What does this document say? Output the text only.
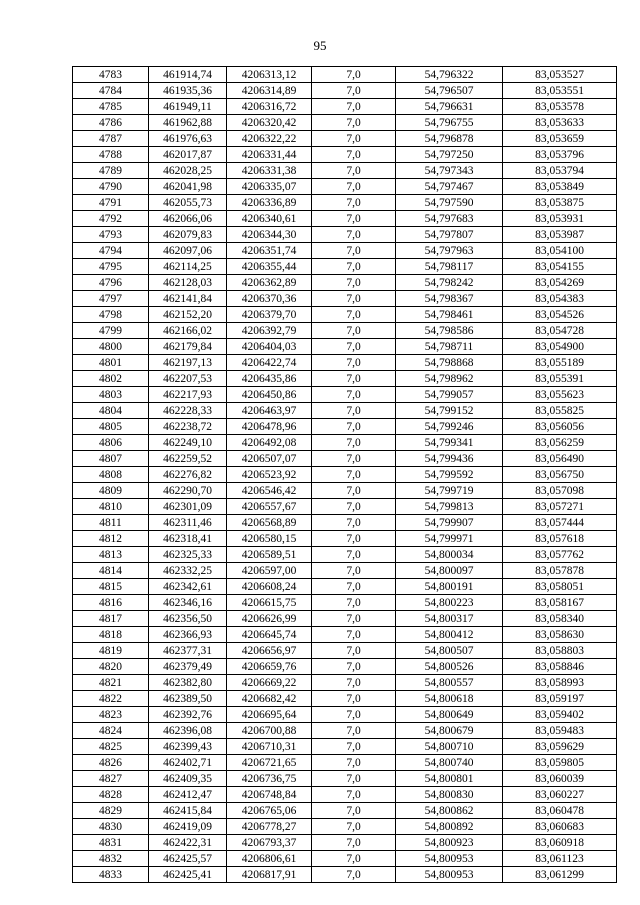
95
4783	461914,74	4206313,12	7,0	54,796322	83,053527
4784	461935,36	4206314,89	7,0	54,796507	83,053551
4785	461949,11	4206316,72	7,0	54,796631	83,053578
4786	461962,88	4206320,42	7,0	54,796755	83,053633
4787	461976,63	4206322,22	7,0	54,796878	83,053659
4788	462017,87	4206331,44	7,0	54,797250	83,053796
4789	462028,25	4206331,38	7,0	54,797343	83,053794
4790	462041,98	4206335,07	7,0	54,797467	83,053849
4791	462055,73	4206336,89	7,0	54,797590	83,053875
4792	462066,06	4206340,61	7,0	54,797683	83,053931
4793	462079,83	4206344,30	7,0	54,797807	83,053987
4794	462097,06	4206351,74	7,0	54,797963	83,054100
4795	462114,25	4206355,44	7,0	54,798117	83,054155
4796	462128,03	4206362,89	7,0	54,798242	83,054269
4797	462141,84	4206370,36	7,0	54,798367	83,054383
4798	462152,20	4206379,70	7,0	54,798461	83,054526
4799	462166,02	4206392,79	7,0	54,798586	83,054728
4800	462179,84	4206404,03	7,0	54,798711	83,054900
4801	462197,13	4206422,74	7,0	54,798868	83,055189
4802	462207,53	4206435,86	7,0	54,798962	83,055391
4803	462217,93	4206450,86	7,0	54,799057	83,055623
4804	462228,33	4206463,97	7,0	54,799152	83,055825
4805	462238,72	4206478,96	7,0	54,799246	83,056056
4806	462249,10	4206492,08	7,0	54,799341	83,056259
4807	462259,52	4206507,07	7,0	54,799436	83,056490
4808	462276,82	4206523,92	7,0	54,799592	83,056750
4809	462290,70	4206546,42	7,0	54,799719	83,057098
4810	462301,09	4206557,67	7,0	54,799813	83,057271
4811	462311,46	4206568,89	7,0	54,799907	83,057444
4812	462318,41	4206580,15	7,0	54,799971	83,057618
4813	462325,33	4206589,51	7,0	54,800034	83,057762
4814	462332,25	4206597,00	7,0	54,800097	83,057878
4815	462342,61	4206608,24	7,0	54,800191	83,058051
4816	462346,16	4206615,75	7,0	54,800223	83,058167
4817	462356,50	4206626,99	7,0	54,800317	83,058340
4818	462366,93	4206645,74	7,0	54,800412	83,058630
4819	462377,31	4206656,97	7,0	54,800507	83,058803
4820	462379,49	4206659,76	7,0	54,800526	83,058846
4821	462382,80	4206669,22	7,0	54,800557	83,058993
4822	462389,50	4206682,42	7,0	54,800618	83,059197
4823	462392,76	4206695,64	7,0	54,800649	83,059402
4824	462396,08	4206700,88	7,0	54,800679	83,059483
4825	462399,43	4206710,31	7,0	54,800710	83,059629
4826	462402,71	4206721,65	7,0	54,800740	83,059805
4827	462409,35	4206736,75	7,0	54,800801	83,060039
4828	462412,47	4206748,84	7,0	54,800830	83,060227
4829	462415,84	4206765,06	7,0	54,800862	83,060478
4830	462419,09	4206778,27	7,0	54,800892	83,060683
4831	462422,31	4206793,37	7,0	54,800923	83,060918
4832	462425,57	4206806,61	7,0	54,800953	83,061123
4833	462425,41	4206817,91	7,0	54,800953	83,061299
